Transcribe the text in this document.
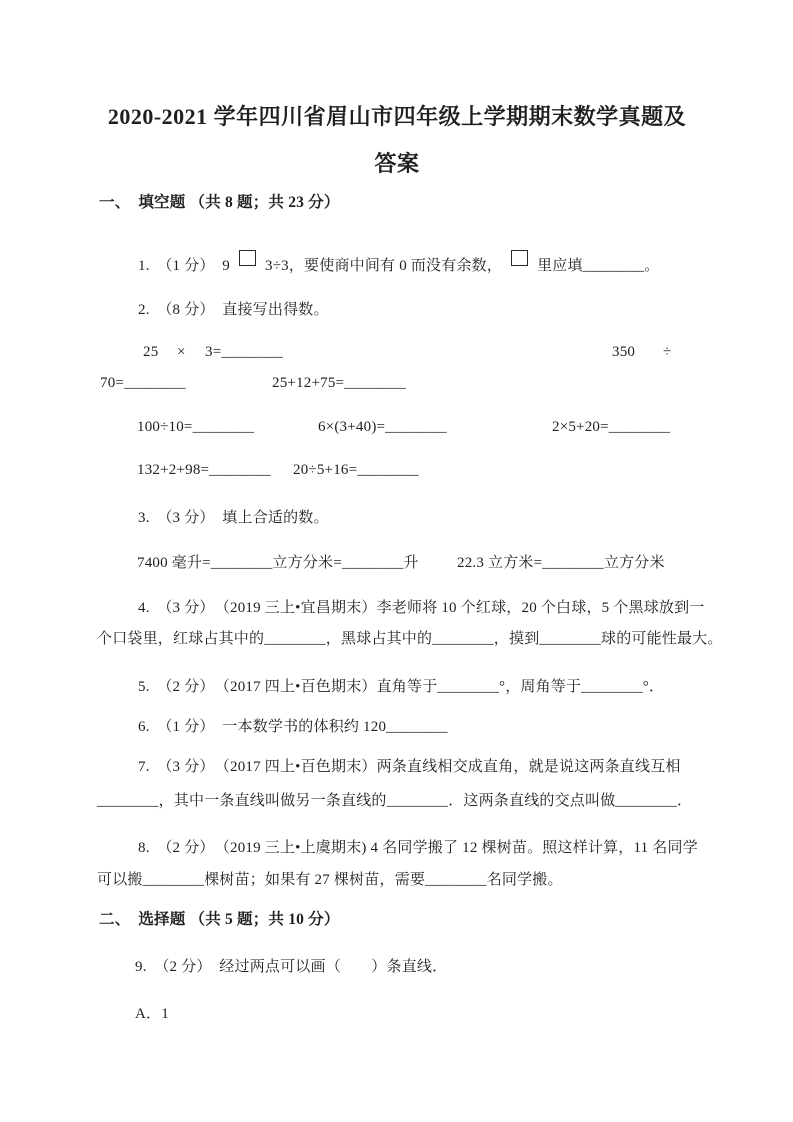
2020-2021 学年四川省眉山市四年级上学期期末数学真题及
答案
一、　填空题 （共 8 题；共 23 分）
1.　（1 分）　9 3÷3，要使商中间有 0 而没有余数， 里应填________。
2.　（8 分）　直接写出得数。
25 × 3=________	350 ÷
70=________	25+12+75=________
100÷10=________	6×(3+40)=________	2×5+20=________
132+2+98=________ 20÷5+16=________
3.　（3 分）　填上合适的数。
7400 毫升=________立方分米=________升	22.3 立方米=________立方分米
4.　（3 分）　（2019 三上•宜昌期末）李老师将 10 个红球，20 个白球，5 个黑球放到一
个口袋里，红球占其中的________，黑球占其中的________，摸到________球的可能性最大。
5.　（2 分）　（2017 四上•百色期末）直角等于________°，周角等于________°．
6.　（1 分）　一本数学书的体积约 120________
7.　（3 分）　（2017 四上•百色期末）两条直线相交成直角，就是说这两条直线互相
________，其中一条直线叫做另一条直线的________．这两条直线的交点叫做________．
8.　（2 分）　（2019 三上•上虞期末) 4 名同学搬了 12 棵树苗。照这样计算，11 名同学
可以搬________棵树苗；如果有 27 棵树苗，需要________名同学搬。
二、　选择题 （共 5 题；共 10 分）
9.　（2 分）　经过两点可以画（　　）条直线．
A．1
